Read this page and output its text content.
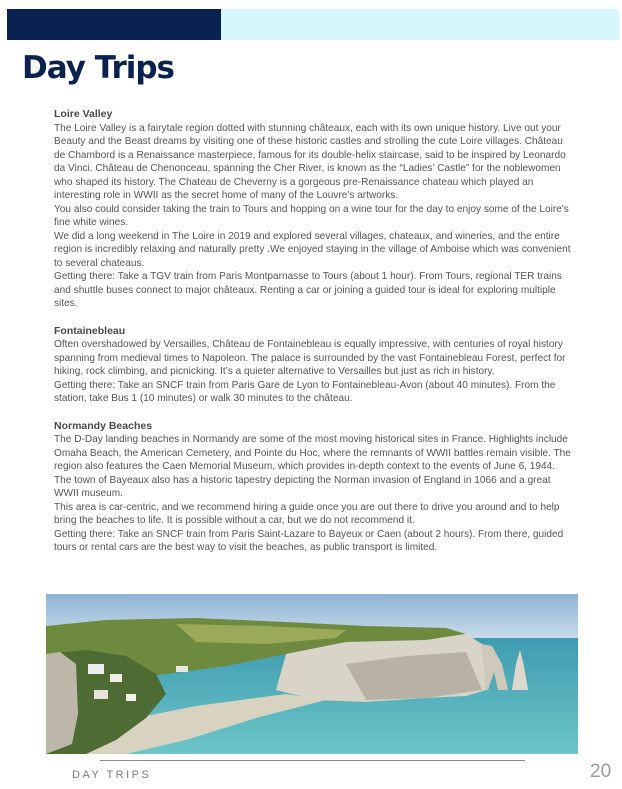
Day Trips
Loire Valley

The Loire Valley is a fairytale region dotted with stunning châteaux, each with its own unique history. Live out your Beauty and the Beast dreams by visiting one of these historic castles and strolling the cute Loire villages. Château de Chambord is a Renaissance masterpiece, famous for its double-helix staircase, said to be inspired by Leonardo da Vinci. Château de Chenonceau, spanning the Cher River, is known as the “Ladies’ Castle” for the noblewomen who shaped its history. The Chateau de Cheverny is a gorgeous pre-Renaissance chateau which played an interesting role in WWII as the secret home of many of the Louvre's artworks.

You also could consider taking the train to Tours and hopping on a wine tour for the day to enjoy some of the Loire's fine white wines.

We did a long weekend in The Loire in 2019 and explored several villages, chateaux, and wineries, and the entire region is incredibly relaxing and naturally pretty .We enjoyed staying in the village of Amboise which was convenient to several chateaus.

Getting there: Take a TGV train from Paris Montparnasse to Tours (about 1 hour). From Tours, regional TER trains and shuttle buses connect to major châteaux. Renting a car or joining a guided tour is ideal for exploring multiple sites.

Fontainebleau

Often overshadowed by Versailles, Château de Fontainebleau is equally impressive, with centuries of royal history spanning from medieval times to Napoleon. The palace is surrounded by the vast Fontainebleau Forest, perfect for hiking, rock climbing, and picnicking. It’s a quieter alternative to Versailles but just as rich in history.

Getting there: Take an SNCF train from Paris Gare de Lyon to Fontainebleau-Avon (about 40 minutes). From the station, take Bus 1 (10 minutes) or walk 30 minutes to the château.

Normandy Beaches

The D-Day landing beaches in Normandy are some of the most moving historical sites in France. Highlights include Omaha Beach, the American Cemetery, and Pointe du Hoc, where the remnants of WWII battles remain visible. The region also features the Caen Memorial Museum, which provides in-depth context to the events of June 6, 1944. The town of Bayeaux also has a historic tapestry depicting the Norman invasion of England in 1066 and a great WWII museum.

This area is car-centric, and we recommend hiring a guide once you are out there to drive you around and to help bring the beaches to life. It is possible without a car, but we do not recommend it.

Getting there: Take an SNCF train from Paris Saint-Lazare to Bayeux or Caen (about 2 hours). From there, guided tours or rental cars are the best way to visit the beaches, as public transport is limited.

DAY TRIPS	20
